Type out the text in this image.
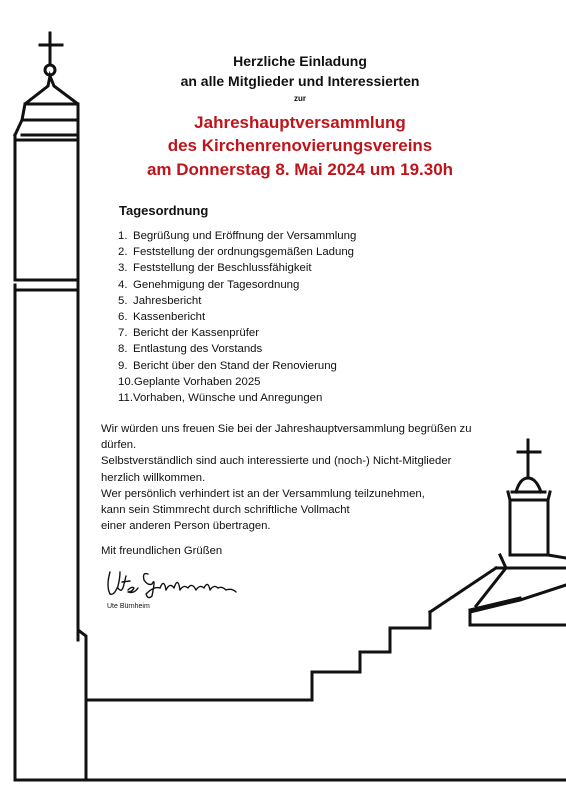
Herzliche Einladung
an alle Mitglieder und Interessierten
zur
Jahreshauptversammlung
des Kirchenrenovierungsvereins
am Donnerstag 8. Mai 2024 um 19.30h
Tagesordnung
1. Begrüßung und Eröffnung der Versammlung
2. Feststellung der ordnungsgemäßen Ladung
3. Feststellung der Beschlussfähigkeit
4. Genehmigung der Tagesordnung
5. Jahresbericht
6. Kassenbericht
7. Bericht der Kassenprüfer
8. Entlastung des Vorstands
9. Bericht über den Stand der Renovierung
10.Geplante Vorhaben 2025
11.Vorhaben, Wünsche und Anregungen

Wir würden uns freuen Sie bei der Jahreshauptversammlung begrüßen zu

dürfen.

Selbstverständlich sind auch interessierte und (noch-) Nicht-Mitglieder

herzlich willkommen.

Wer persönlich verhindert ist an der Versammlung teilzunehmen,

kann sein Stimmrecht durch schriftliche Vollmacht

einer anderen Person übertragen.

Mit freundlichen Grüßen
Ute Bürnheim
